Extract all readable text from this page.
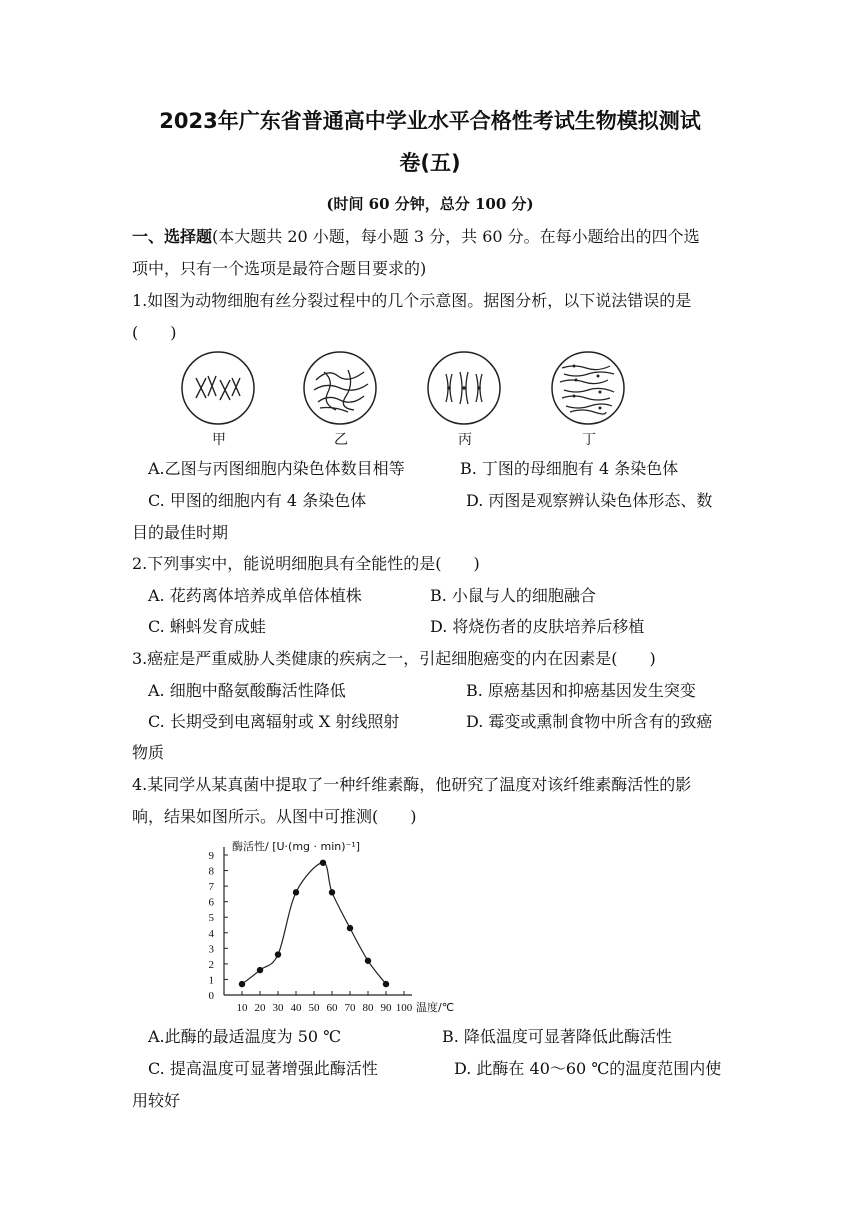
2023年广东省普通高中学业水平合格性考试生物模拟测试
卷(五)
(时间 60 分钟，总分 100 分)
一、选择题(本大题共 20 小题，每小题 3 分，共 60 分。在每小题给出的四个选
项中，只有一个选项是最符合题目要求的)
1.如图为动物细胞有丝分裂过程中的几个示意图。据图分析，以下说法错误的是
(　　)
甲	乙	丙	丁
A.乙图与丙图细胞内染色体数目相等	B. 丁图的母细胞有 4 条染色体
C. 甲图的细胞内有 4 条染色体	D. 丙图是观察辨认染色体形态、数
目的最佳时期
2.下列事实中，能说明细胞具有全能性的是(　　)
A. 花药离体培养成单倍体植株	B. 小鼠与人的细胞融合
C. 蝌蚪发育成蛙	D. 将烧伤者的皮肤培养后移植
3.癌症是严重威胁人类健康的疾病之一，引起细胞癌变的内在因素是(　　)
A. 细胞中酪氨酸酶活性降低	B. 原癌基因和抑癌基因发生突变
C. 长期受到电离辐射或 X 射线照射	D. 霉变或熏制食物中所含有的致癌
物质
4.某同学从某真菌中提取了一种纤维素酶，他研究了温度对该纤维素酶活性的影
响，结果如图所示。从图中可推测(　　)
0
1
2
3
4
5
6
7
8
9
10 20 30 40 50 60 70 80 90 100
酶活性/ [U·(mg · min)⁻¹]
温度/℃
A.此酶的最适温度为 50 ℃	B. 降低温度可显著降低此酶活性
C. 提高温度可显著增强此酶活性	D. 此酶在 40～60 ℃的温度范围内使
用较好
